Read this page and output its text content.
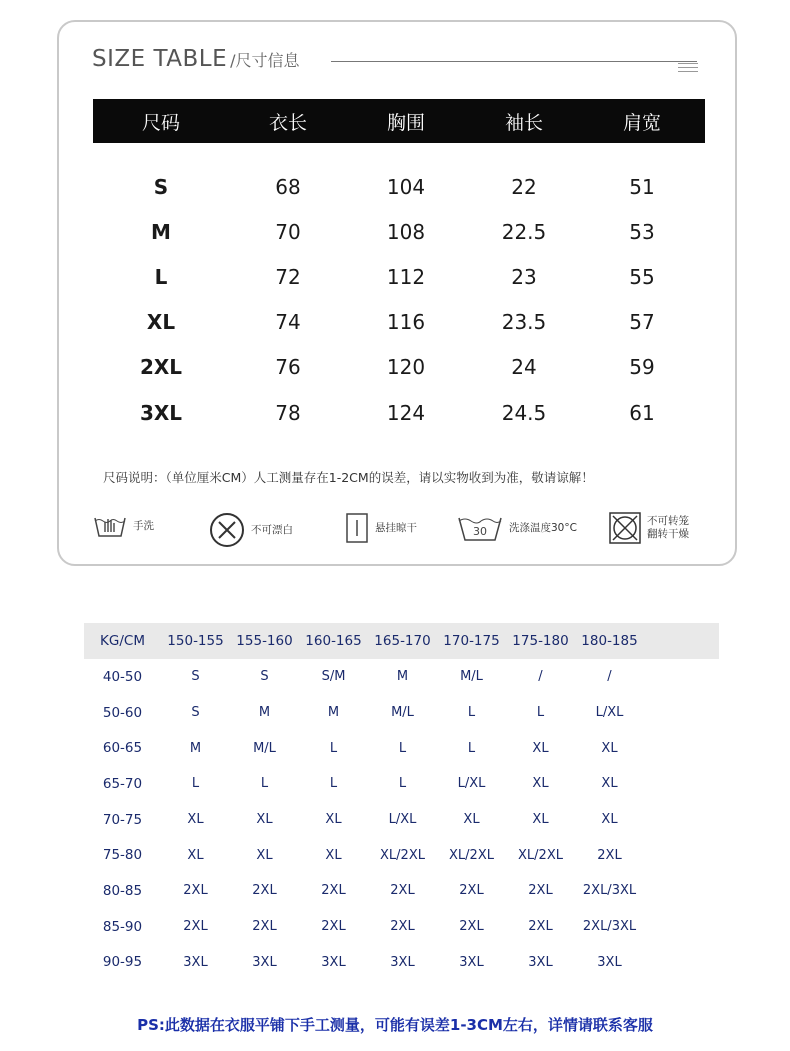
SIZE TABLE /尺寸信息
尺码	衣长	胸围	袖长	肩宽
S	68	104	22	51
M	70	108	22.5	53
L	72	112	23	55
XL	74	116	23.5	57
2XL	76	120	24	59
3XL	78	124	24.5	61
尺码说明：（单位厘米CM）人工测量存在1-2CM的误差，请以实物收到为准，敬请谅解！
手洗	不可漂白	悬挂晾干	30	洗涤温度30°C
不可转笼
翻转干燥
KG/CM	150-155 155-160 160-165 165-170 170-175 175-180 180-185
40-50	S	S	S/M	M	M/L	/	/
50-60	S	M	M	M/L	L	L	L/XL
60-65	M	M/L	L	L	L	XL	XL
65-70	L	L	L	L	L/XL	XL	XL
70-75	XL	XL	XL	L/XL	XL	XL	XL
75-80	XL	XL	XL	XL/2XL	XL/2XL	XL/2XL	2XL
80-85	2XL	2XL	2XL	2XL	2XL	2XL	2XL/3XL
85-90	2XL	2XL	2XL	2XL	2XL	2XL	2XL/3XL
90-95	3XL	3XL	3XL	3XL	3XL	3XL	3XL
PS:此数据在衣服平铺下手工测量，可能有误差1-3CM左右，详情请联系客服
